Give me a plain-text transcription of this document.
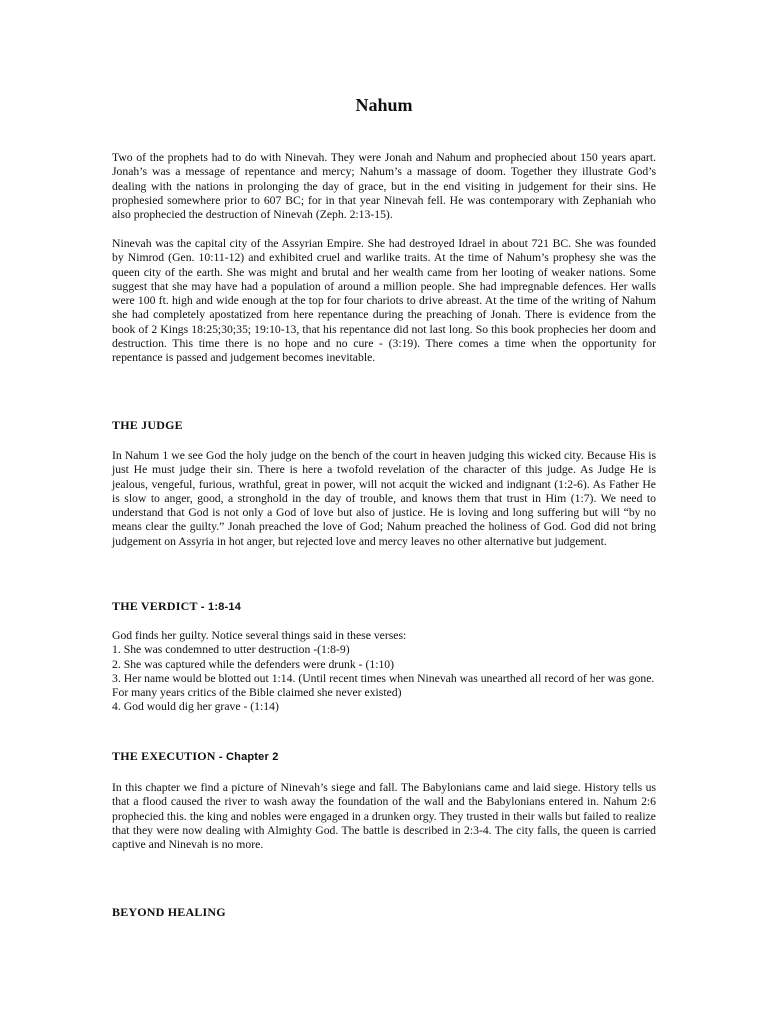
Nahum

Two of the prophets had to do with Ninevah. They were Jonah and Nahum and prophecied about 150 years apart. Jonah’s was a message of repentance and mercy; Nahum’s a massage of doom. Together they illustrate God’s dealing with the nations in prolonging the day of grace, but in the end visiting in judgement for their sins. He prophesied somewhere prior to 607 BC; for in that year Ninevah fell. He was contemporary with Zephaniah who also prophecied the destruction of Ninevah (Zeph. 2:13-15).

Ninevah was the capital city of the Assyrian Empire. She had destroyed Idrael in about 721 BC. She was founded by Nimrod (Gen. 10:11-12) and exhibited cruel and warlike traits. At the time of Nahum’s prophesy she was the queen city of the earth. She was might and brutal and her wealth came from her looting of weaker nations. Some suggest that she may have had a population of around a million people. She had impregnable defences. Her walls were 100 ft. high and wide enough at the top for four chariots to drive abreast. At the time of the writing of Nahum she had completely apostatized from here repentance during the preaching of Jonah. There is evidence from the book of 2 Kings 18:25;30;35; 19:10-13, that his repentance did not last long. So this book prophecies her doom and destruction. This time there is no hope and no cure - (3:19). There comes a time when the opportunity for repentance is passed and judgement becomes inevitable.

THE JUDGE

In Nahum 1 we see God the holy judge on the bench of the court in heaven judging this wicked city. Because His is just He must judge their sin. There is here a twofold revelation of the character of this judge. As Judge He is jealous, vengeful, furious, wrathful, great in power, will not acquit the wicked and indignant (1:2-6). As Father He is slow to anger, good, a stronghold in the day of trouble, and knows them that trust in Him (1:7). We need to understand that God is not only a God of love but also of justice. He is loving and long suffering but will “by no means clear the guilty.” Jonah preached the love of God; Nahum preached the holiness of God. God did not bring judgement on Assyria in hot anger, but rejected love and mercy leaves no other alternative but judgement.

THE VERDICT - 1:8-14

God finds her guilty. Notice several things said in these verses:
1. She was condemned to utter destruction -(1:8-9)
2. She was captured while the defenders were drunk - (1:10)
3. Her name would be blotted out 1:14. (Until recent times when Ninevah was unearthed all record of her was gone. For many years critics of the Bible claimed she never existed)
4. God would dig her grave - (1:14)

THE EXECUTION - Chapter 2

In this chapter we find a picture of Ninevah’s siege and fall. The Babylonians came and laid siege. History tells us that a flood caused the river to wash away the foundation of the wall and the Babylonians entered in. Nahum 2:6 prophecied this. the king and nobles were engaged in a drunken orgy. They trusted in their walls but failed to realize that they were now dealing with Almighty God. The battle is described in 2:3-4. The city falls, the queen is carried captive and Ninevah is no more.

BEYOND HEALING
